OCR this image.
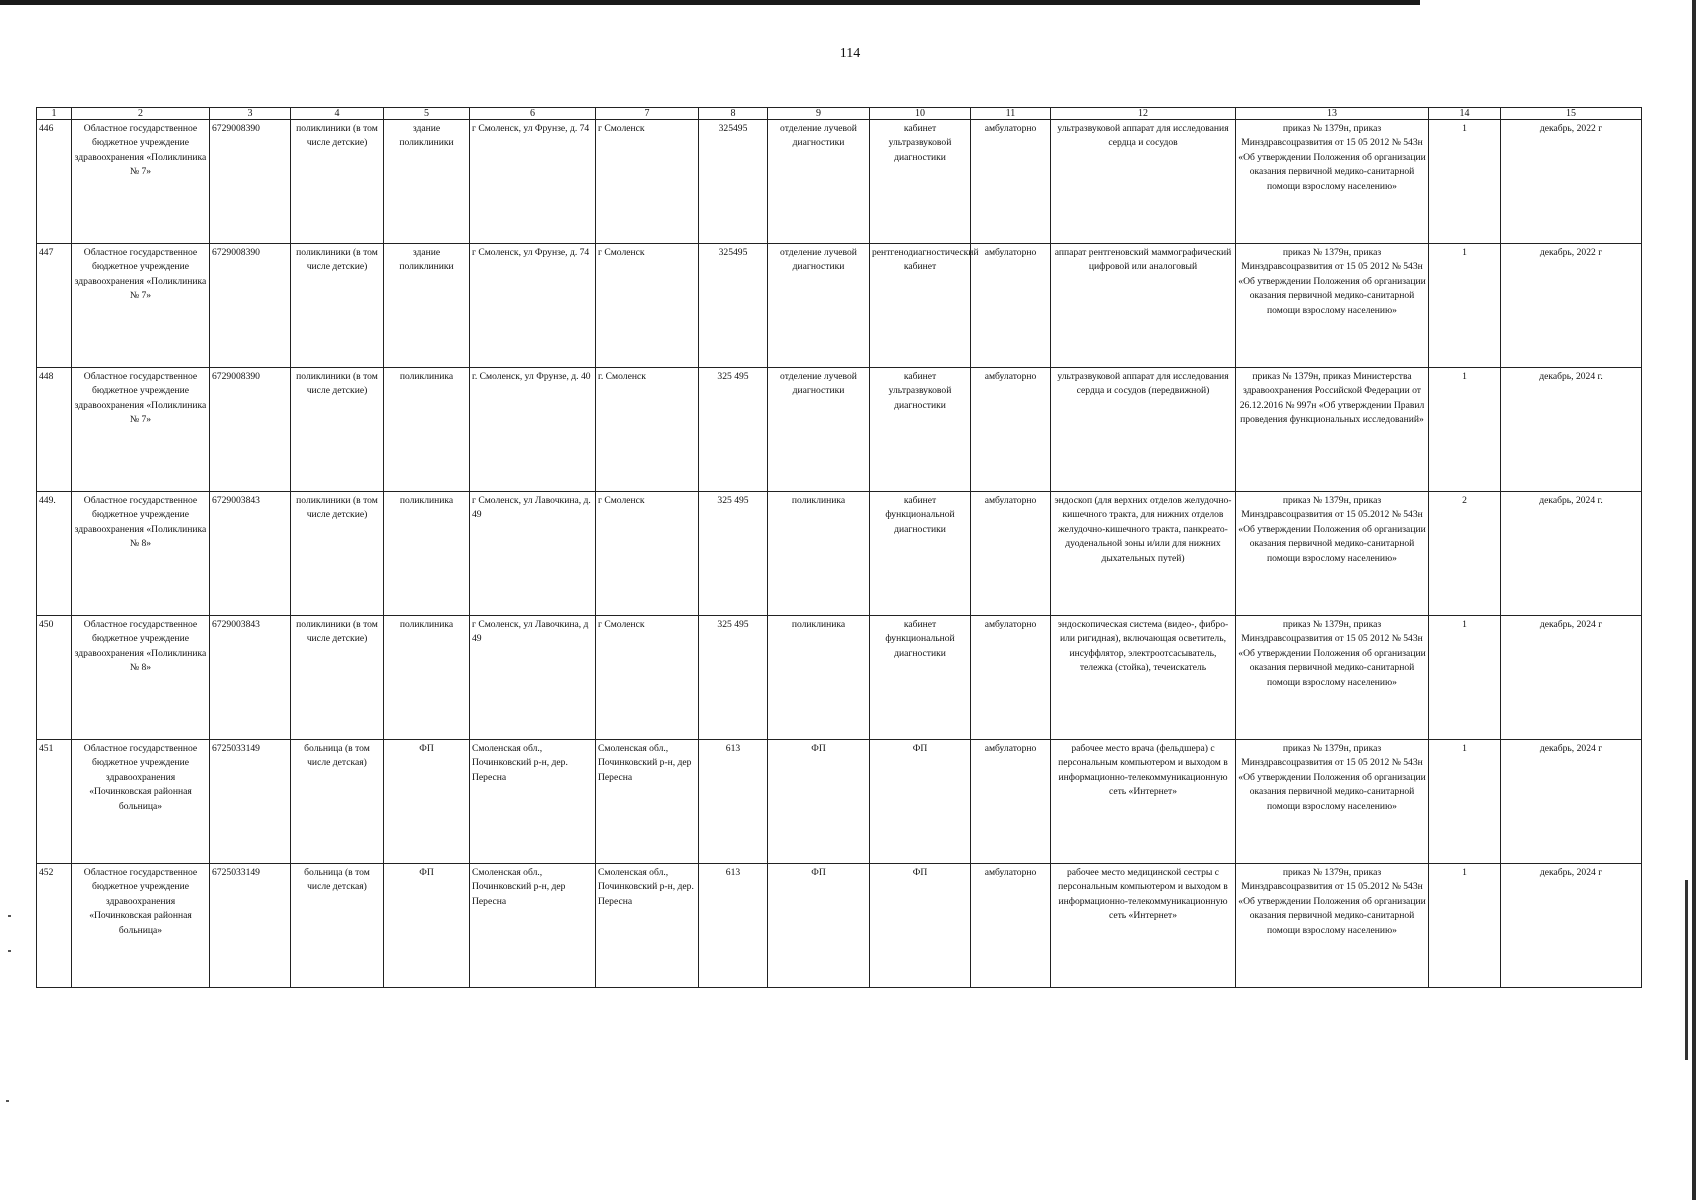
114
1	2	3	4	5	6	7	8	9	10	11	12	13	14	15
446	Областное государственное бюджетное учреждение здравоохранения «Поликлиника № 7»	6729008390	поликлиники (в том числе детские)	здание поликлиники	г Смоленск, ул Фрунзе, д. 74	г Смоленск	325495	отделение лучевой диагностики	кабинет ультразвуковой диагностики	амбулаторно	ультразвуковой аппарат для исследования сердца и сосудов	приказ № 1379н, приказ Минздравсоцразвития от 15 05 2012 № 543н «Об утверждении Положения об организации оказания первичной медико-санитарной помощи взрослому населению»	1	декабрь, 2022 г
447	Областное государственное бюджетное учреждение здравоохранения «Поликлиника № 7»	6729008390	поликлиники (в том числе детские)	здание поликлиники	г Смоленск, ул Фрунзе, д. 74	г Смоленск	325495	отделение лучевой диагностики	рентгенодиагностический кабинет	амбулаторно	аппарат рентгеновский маммографический цифровой или аналоговый	приказ № 1379н, приказ Минздравсоцразвития от 15 05 2012 № 543н «Об утверждении Положения об организации оказания первичной медико-санитарной помощи взрослому населению»	1	декабрь, 2022 г
448	Областное государственное бюджетное учреждение здравоохранения «Поликлиника № 7»	6729008390	поликлиники (в том числе детские)	поликлиника	г. Смоленск, ул Фрунзе, д. 40	г. Смоленск	325 495	отделение лучевой диагностики	кабинет ультразвуковой диагностики	амбулаторно	ультразвуковой аппарат для исследования сердца и сосудов (передвижной)	приказ № 1379н, приказ Министерства здравоохранения Российской Федерации от 26.12.2016 № 997н «Об утверждении Правил проведения функциональных исследований»	1	декабрь, 2024 г.
449.	Областное государственное бюджетное учреждение здравоохранения «Поликлиника № 8»	6729003843	поликлиники (в том числе детские)	поликлиника	г Смоленск, ул Лавочкина, д. 49	г Смоленск	325 495	поликлиника	кабинет функциональной диагностики	амбулаторно	эндоскоп (для верхних отделов желудочно-кишечного тракта, для нижних отделов желудочно-кишечного тракта, панкреато-дуоденальной зоны и/или для нижних дыхательных путей)	приказ № 1379н, приказ Минздравсоцразвития от 15 05.2012 № 543н «Об утверждении Положения об организации оказания первичной медико-санитарной помощи взрослому населению»	2	декабрь, 2024 г.
450	Областное государственное бюджетное учреждение здравоохранения «Поликлиника № 8»	6729003843	поликлиники (в том числе детские)	поликлиника	г Смоленск, ул Лавочкина, д 49	г Смоленск	325 495	поликлиника	кабинет функциональной диагностики	амбулаторно	эндоскопическая система (видео-, фибро- или ригидная), включающая осветитель, инсуффлятор, электроотсасыватель, тележка (стойка), течеискатель	приказ № 1379н, приказ Минздравсоцразвития от 15 05 2012 № 543н «Об утверждении Положения об организации оказания первичной медико-санитарной помощи взрослому населению»	1	декабрь, 2024 г
451	Областное государственное бюджетное учреждение здравоохранения «Починковская районная больница»	6725033149	больница (в том числе детская)	ФП	Смоленская обл., Починковский р-н, дер. Пересна	Смоленская обл., Починковский р-н, дер Пересна	613	ФП	ФП	амбулаторно	рабочее место врача (фельдшера) с персональным компьютером и выходом в информационно-телекоммуникационную сеть «Интернет»	приказ № 1379н, приказ Минздравсоцразвития от 15 05 2012 № 543н «Об утверждении Положения об организации оказания первичной медико-санитарной помощи взрослому населению»	1	декабрь, 2024 г
452	Областное государственное бюджетное учреждение здравоохранения «Починковская районная больница»	6725033149	больница (в том числе детская)	ФП	Смоленская обл., Починковский р-н, дер Пересна	Смоленская обл., Починковский р-н, дер. Пересна	613	ФП	ФП	амбулаторно	рабочее место медицинской сестры с персональным компьютером и выходом в информационно-телекоммуникационную сеть «Интернет»	приказ № 1379н, приказ Минздравсоцразвития от 15 05.2012 № 543н «Об утверждении Положения об организации оказания первичной медико-санитарной помощи взрослому населению»	1	декабрь, 2024 г
